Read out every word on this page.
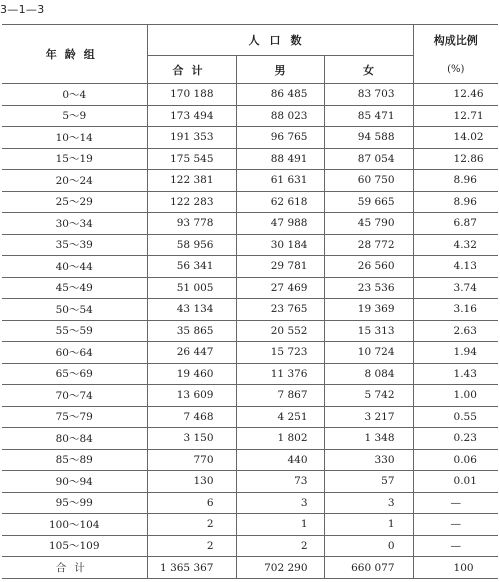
3—1—3
年龄组	人口数			构成比例
	合计	男	女	(%)
0～4	170 188	86 485	83 703	12.46
5～9	173 494	88 023	85 471	12.71
10～14	191 353	96 765	94 588	14.02
15～19	175 545	88 491	87 054	12.86
20～24	122 381	61 631	60 750	8.96
25～29	122 283	62 618	59 665	8.96
30～34	93 778	47 988	45 790	6.87
35～39	58 956	30 184	28 772	4.32
40～44	56 341	29 781	26 560	4.13
45～49	51 005	27 469	23 536	3.74
50～54	43 134	23 765	19 369	3.16
55～59	35 865	20 552	15 313	2.63
60～64	26 447	15 723	10 724	1.94
65～69	19 460	11 376	8 084	1.43
70～74	13 609	7 867	5 742	1.00
75～79	7 468	4 251	3 217	0.55
80～84	3 150	1 802	1 348	0.23
85～89	770	440	330	0.06
90～94	130	73	57	0.01
95～99	6	3	3	—
100～104	2	1	1	—
105～109	2	2	0	—
合计	1 365 367	702 290	660 077	100
